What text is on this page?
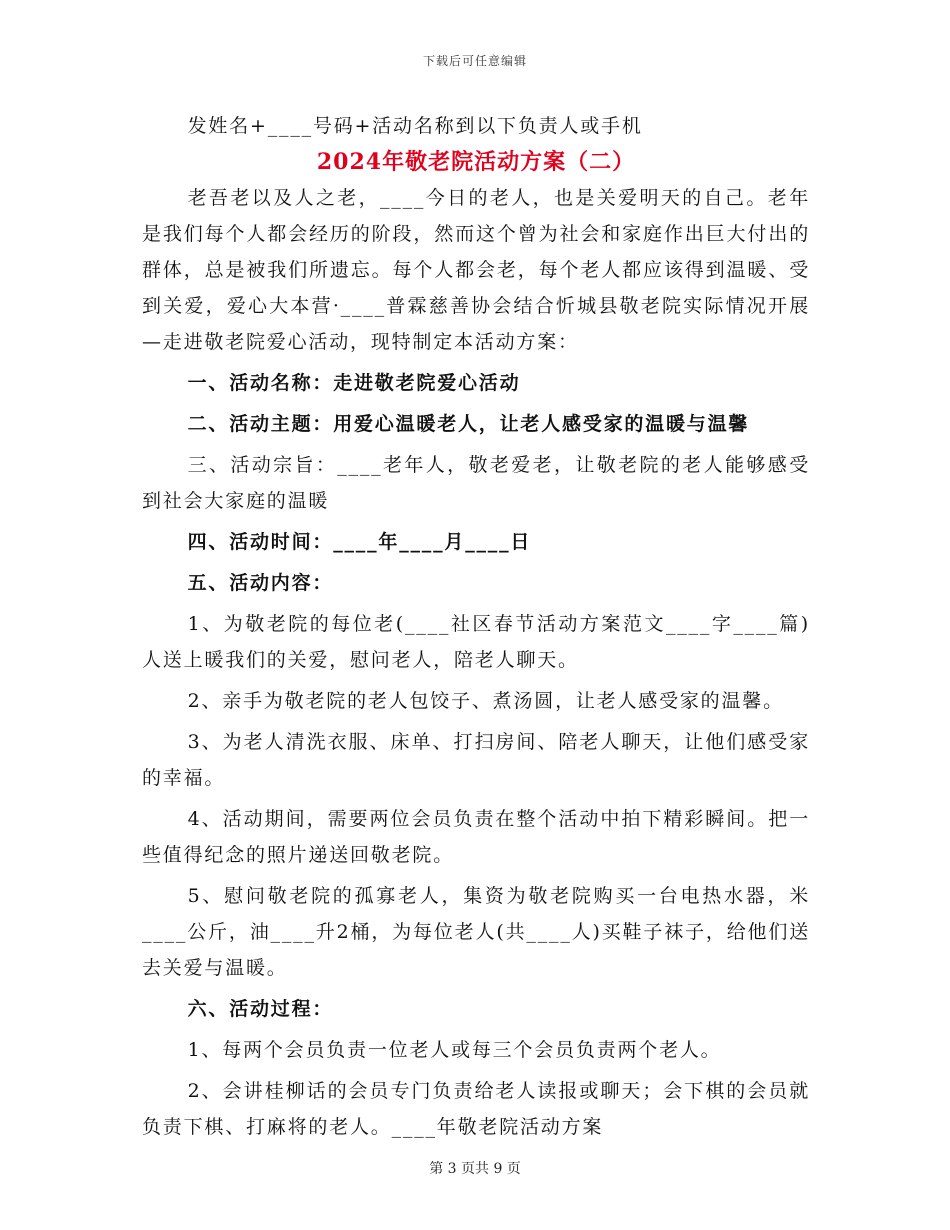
下载后可任意编辑

发姓名+____号码+活动名称到以下负责人或手机

2024年敬老院活动方案（二）

老吾老以及人之老，____今日的老人，也是关爱明天的自己。老年是我们每个人都会经历的阶段，然而这个曾为社会和家庭作出巨大付出的群体，总是被我们所遗忘。每个人都会老，每个老人都应该得到温暖、受到关爱，爱心大本营·____普霖慈善协会结合忻城县敬老院实际情况开展—走进敬老院爱心活动，现特制定本活动方案：

一、活动名称：走进敬老院爱心活动

二、活动主题：用爱心温暖老人，让老人感受家的温暖与温馨

三、活动宗旨：____老年人，敬老爱老，让敬老院的老人能够感受到社会大家庭的温暖

四、活动时间：____年____月____日

五、活动内容：

1、为敬老院的每位老(____社区春节活动方案范文____字____篇)人送上暖我们的关爱，慰问老人，陪老人聊天。

2、亲手为敬老院的老人包饺子、煮汤圆，让老人感受家的温馨。

3、为老人清洗衣服、床单、打扫房间、陪老人聊天，让他们感受家的幸福。

4、活动期间，需要两位会员负责在整个活动中拍下精彩瞬间。把一些值得纪念的照片递送回敬老院。

5、慰问敬老院的孤寡老人，集资为敬老院购买一台电热水器，米____公斤，油____升2桶，为每位老人(共____人)买鞋子袜子，给他们送去关爱与温暖。

六、活动过程：

1、每两个会员负责一位老人或每三个会员负责两个老人。

2、会讲桂柳话的会员专门负责给老人读报或聊天；会下棋的会员就负责下棋、打麻将的老人。____年敬老院活动方案

第 3 页共 9 页
